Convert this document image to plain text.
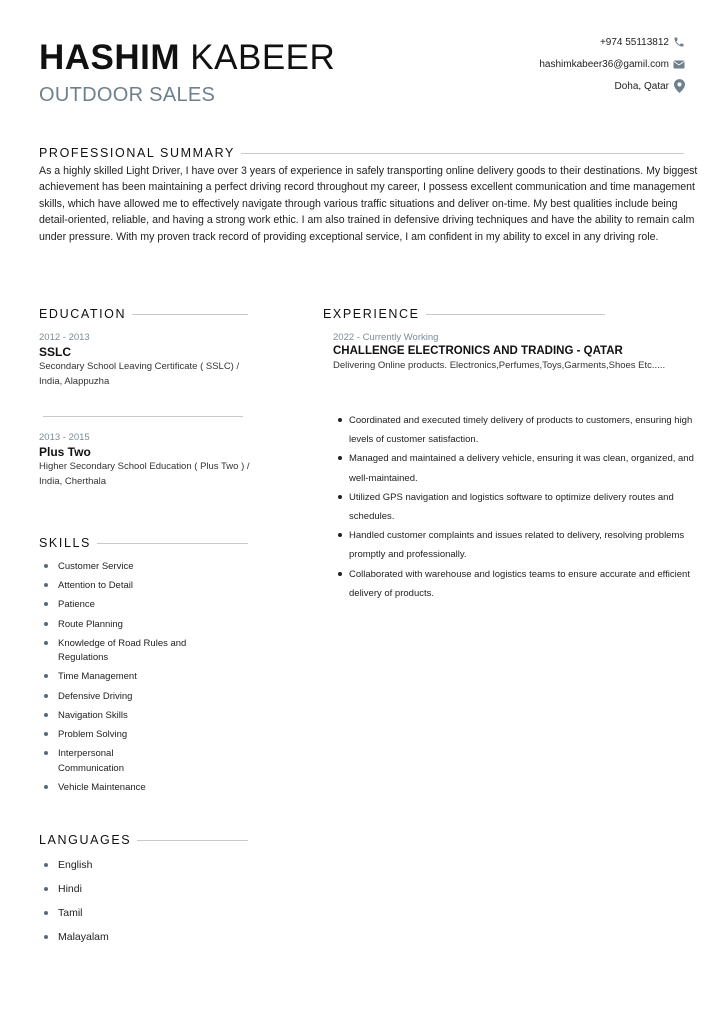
HASHIM KABEER
OUTDOOR SALES
+974 55113812
hashimkabeer36@gamil.com
Doha, Qatar
PROFESSIONAL SUMMARY

As a highly skilled Light Driver, I have over 3 years of experience in safely transporting online delivery goods to their destinations. My biggest achievement has been maintaining a perfect driving record throughout my career, I possess excellent communication and time management skills, which have allowed me to effectively navigate through various traffic situations and deliver on-time. My best qualities include being detail-oriented, reliable, and having a strong work ethic. I am also trained in defensive driving techniques and have the ability to remain calm under pressure. With my proven track record of providing exceptional service, I am confident in my ability to excel in any driving role.

EDUCATION
2012 - 2013
SSLC
Secondary School Leaving Certificate ( SSLC) / India, Alappuzha
2013 - 2015
Plus Two
Higher Secondary School Education ( Plus Two ) / India, Cherthala
SKILLS
Customer Service
Attention to Detail
Patience
Route Planning
Knowledge of Road Rules and Regulations
Time Management
Defensive Driving
Navigation Skills
Problem Solving
Interpersonal Communication
Vehicle Maintenance
LANGUAGES
English
Hindi
Tamil
Malayalam
EXPERIENCE
2022 - Currently Working
CHALLENGE ELECTRONICS AND TRADING - QATAR
Delivering Online products. Electronics,Perfumes,Toys,Garments,Shoes Etc.....
Coordinated and executed timely delivery of products to customers, ensuring high levels of customer satisfaction.
Managed and maintained a delivery vehicle, ensuring it was clean, organized, and well-maintained.
Utilized GPS navigation and logistics software to optimize delivery routes and schedules.
Handled customer complaints and issues related to delivery, resolving problems promptly and professionally.
Collaborated with warehouse and logistics teams to ensure accurate and efficient delivery of products.
